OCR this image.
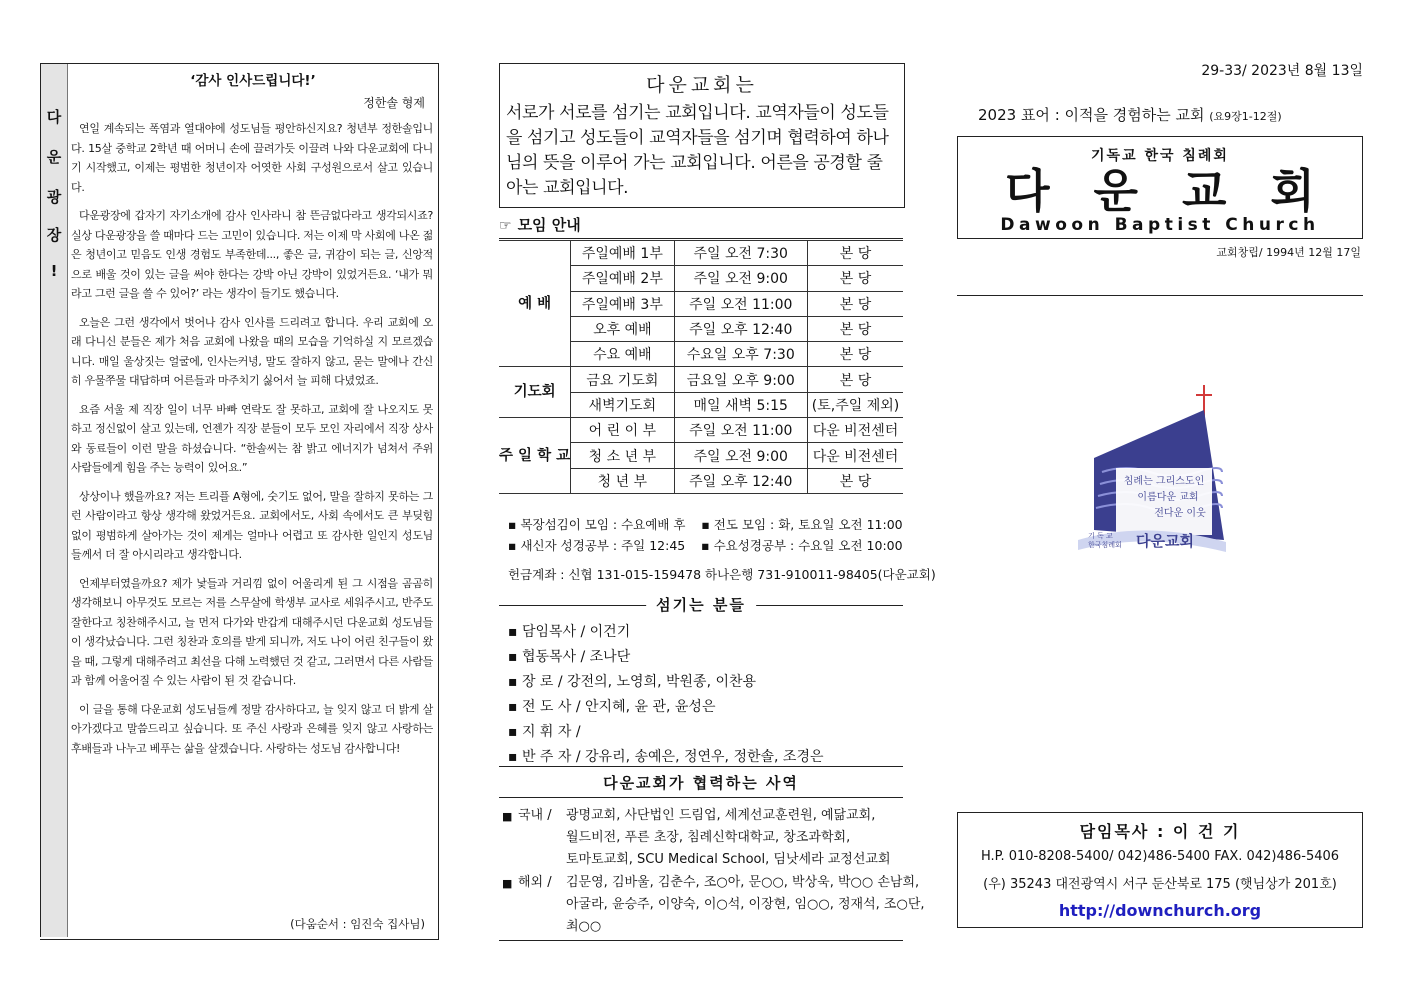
다
운
광
장
!
‘감사 인사드립니다!’
정한솔 형제

연일 계속되는 폭염과 열대야에 성도님들 평안하신지요? 청년부 정한솔입니다. 15살 중학교 2학년 때 어머니 손에 끌려가듯 이끌려 나와 다운교회에 다니기 시작했고, 이제는 평범한 청년이자 어엿한 사회 구성원으로서 살고 있습니다.

다운광장에 갑자기 자기소개에 감사 인사라니 참 뜬금없다라고 생각되시죠? 실상 다운광장을 쓸 때마다 드는 고민이 있습니다. 저는 이제 막 사회에 나온 젊은 청년이고 믿음도 인생 경험도 부족한데..., 좋은 글, 귀감이 되는 글, 신앙적으로 배울 것이 있는 글을 써야 한다는 강박 아닌 강박이 있었거든요. ‘내가 뭐라고 그런 글을 쓸 수 있어?’ 라는 생각이 들기도 했습니다.

오늘은 그런 생각에서 벗어나 감사 인사를 드리려고 합니다. 우리 교회에 오래 다니신 분들은 제가 처음 교회에 나왔을 때의 모습을 기억하실 지 모르겠습니다. 매일 울상짓는 얼굴에, 인사는커녕, 말도 잘하지 않고, 묻는 말에나 간신히 우물쭈물 대답하며 어른들과 마주치기 싫어서 늘 피해 다녔었죠.

요즘 서울 제 직장 일이 너무 바빠 연락도 잘 못하고, 교회에 잘 나오지도 못하고 정신없이 살고 있는데, 언젠가 직장 분들이 모두 모인 자리에서 직장 상사와 동료들이 이런 말을 하셨습니다. “한솔씨는 참 밝고 에너지가 넘쳐서 주위 사람들에게 힘을 주는 능력이 있어요.”

상상이나 했을까요? 저는 트리플 A형에, 숫기도 없어, 말을 잘하지 못하는 그런 사람이라고 항상 생각해 왔었거든요. 교회에서도, 사회 속에서도 큰 부딪힘 없이 평범하게 살아가는 것이 제게는 얼마나 어렵고 또 감사한 일인지 성도님들께서 더 잘 아시리라고 생각합니다.

언제부터였을까요? 제가 낯들과 거리낌 없이 어울리게 된 그 시점을 곰곰히 생각해보니 아무것도 모르는 저를 스무살에 학생부 교사로 세워주시고, 반주도 잘한다고 칭찬해주시고, 늘 먼저 다가와 반갑게 대해주시던 다운교회 성도님들이 생각났습니다. 그런 칭찬과 호의를 받게 되니까, 저도 나이 어린 친구들이 왔을 때, 그렇게 대해주려고 최선을 다해 노력했던 것 같고, 그러면서 다른 사람들과 함께 어울어질 수 있는 사람이 된 것 같습니다.

이 글을 통해 다운교회 성도님들께 정말 감사하다고, 늘 잊지 않고 더 밝게 살아가겠다고 말씀드리고 싶습니다. 또 주신 사랑과 은혜를 잊지 않고 사랑하는 후배들과 나누고 베푸는 삶을 살겠습니다. 사랑하는 성도님 감사합니다!

(다움순서 : 임진숙 집사님)
다운교회는
서로가 서로를 섬기는 교회입니다. 교역자들이 성도들을 섬기고 성도들이 교역자들을 섬기며 협력하여 하나님의 뜻을 이루어 가는 교회입니다. 어른을 공경할 줄 아는 교회입니다.
☞ 모임 안내
예 배	주일예배 1부	주일 오전 7:30	본 당
	주일예배 2부	주일 오전 9:00	본 당
	주일예배 3부	주일 오전 11:00	본 당
	오후 예배	주일 오후 12:40	본 당
	수요 예배	수요일 오후 7:30	본 당
기도회	금요 기도회	금요일 오후 9:00	본 당
	새벽기도회	매일 새벽 5:15	(토,주일 제외)
주 일 학 교	어 린 이 부	주일 오전 11:00	다운 비전센터
	청 소 년 부	주일 오전 9:00	다운 비전센터
	청 년 부	주일 오후 12:40	본 당
▪ 목장섬김이 모임 : 수요예배 후 ▪ 전도 모임 : 화, 토요일 오전 11:00
▪ 새신자 성경공부 : 주일 12:45 ▪ 수요성경공부 : 수요일 오전 10:00
헌금계좌 : 신협 131-015-159478 하나은행 731-910011-98405(다운교회)
섬기는 분들
▪ 담임목사 / 이건기
▪ 협동목사 / 조나단
▪ 장 로 / 강전의, 노영희, 박원종, 이찬용
▪ 전 도 사 / 안지혜, 윤 관, 윤성은
▪ 지 휘 자 /
▪ 반 주 자 / 강유리, 송예은, 정연우, 정한솔, 조경은
다운교회가 협력하는 사역
■ 국내 / 광명교회, 사단법인 드림업, 세계선교훈련원, 예닮교회,
월드비전, 푸른 초장, 침례신학대학교, 창조과학회,
토마토교회, SCU Medical School, 딤낫세라 교정선교회
■ 해외 / 김문영, 김바울, 김춘수, 조○아, 문○○, 박상욱, 박○○ 손남희,
아굴라, 윤승주, 이양숙, 이○석, 이장현, 임○○, 정재석, 조○단,
최○○
29-33/ 2023년 8월 13일
2023 표어 : 이적을 경험하는 교회 (요9장1-12절)
기독교 한국 침례회
다운교회
Dawoon Baptist Church
교회창립/ 1994년 12월 17일
침례는 그리스도인
이름다운 교회
전다운 이웃
기 독 교
한국침례회 다운교회
담임목사 : 이 건 기
H.P. 010-8208-5400/ 042)486-5400 FAX. 042)486-5406
(우) 35243 대전광역시 서구 둔산북로 175 (햇님상가 201호)
http://downchurch.org
